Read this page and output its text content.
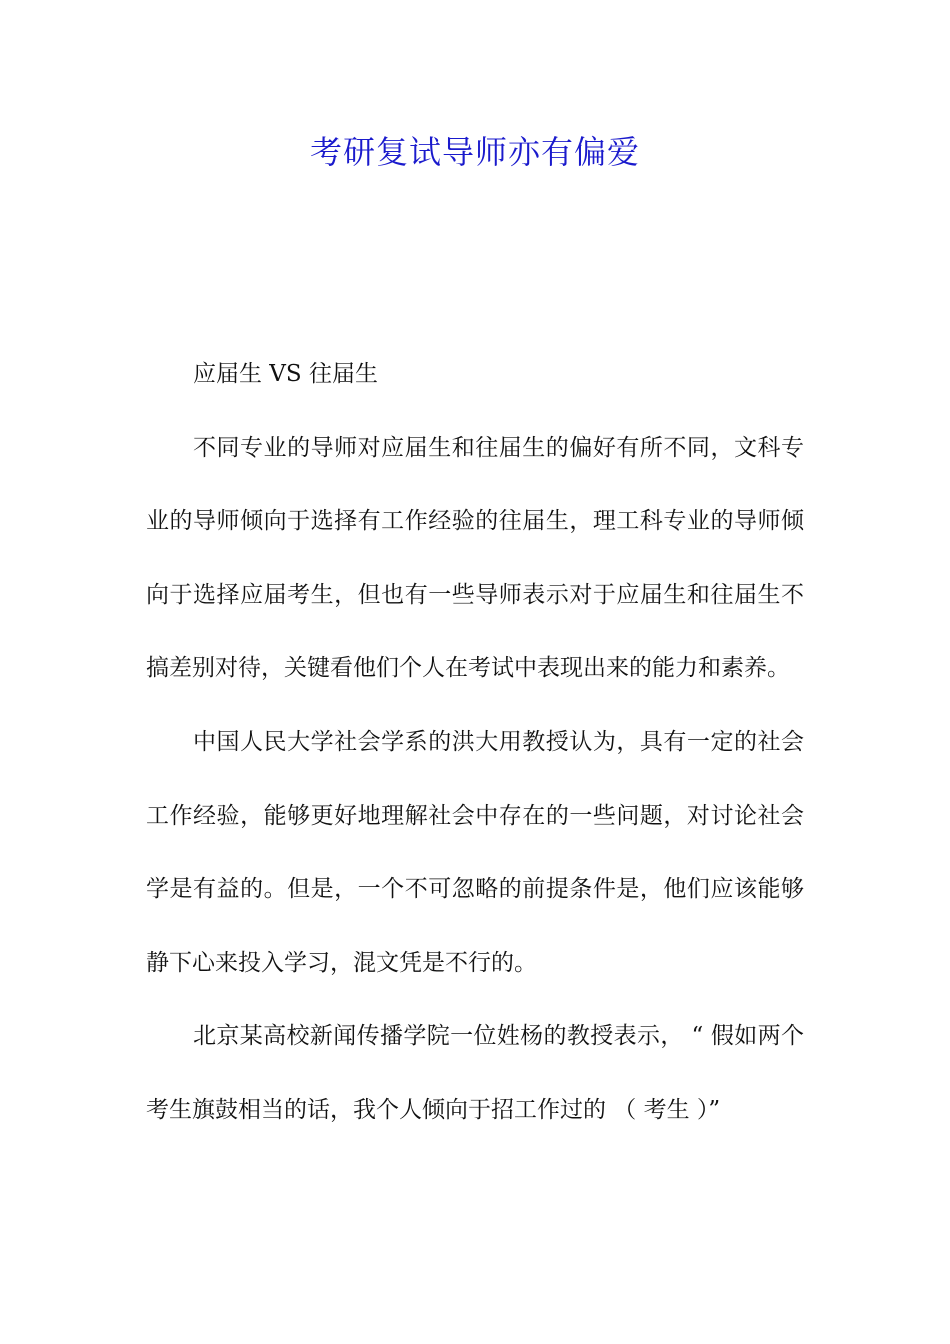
考研复试导师亦有偏爱

应届生 VS 往届生

不同专业的导师对应届生和往届生的偏好有所不同，文科专业的导师倾向于选择有工作经验的往届生，理工科专业的导师倾向于选择应届考生，但也有一些导师表示对于应届生和往届生不搞差别对待，关键看他们个人在考试中表现出来的能力和素养。

中国人民大学社会学系的洪大用教授认为，具有一定的社会工作经验，能够更好地理解社会中存在的一些问题，对讨论社会学是有益的。但是，一个不可忽略的前提条件是，他们应该能够静下心来投入学习，混文凭是不行的。

北京某高校新闻传播学院一位姓杨的教授表示， “ 假如两个考生旗鼓相当的话，我个人倾向于招工作过的 （ 考生 ）”
